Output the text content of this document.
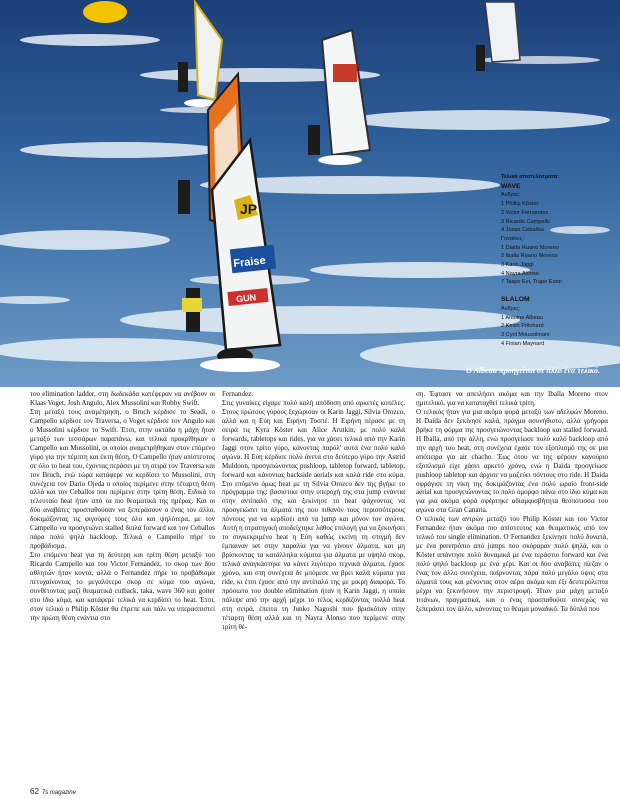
JP
Fraise
GUN
Τελικά αποτελέσματα:
WAVE
Άνδρες:
1 Phillip Köster
2 Victor Fernandez
3 Ricardo Campello
4 Jonas Ceballos
Γυναίκες:
1 Daida Ruano Moreno
2 Iballa Ruano Moreno
3 Karin Jaggi
4 Nayra Alonso
7 Taspe Evi, Trape Εισαι
SLALOM
Άνδρες:
1 Antoine Albeau
2 Kevin Pritchard
3 Cyril Moussilmani
4 Finian Maynard
O Albeau προηγείται σε άλλο ένα τελικό.

του elimination ladder, στη δωδεκάδα κατέφεραν να ανέβουν οι Klaas Voget, Josh Angulo, Alex Mussolini και Robby Swift.

Στη μεταξύ τους αναμέτρηση, ο Bruch κέρδισε το Seadi, ο Campello κέρδισε τον Traversa, ο Voget κέρδισε τον Angulo και ο Mussolini κέρδισε το Swift. Έτσι, στην οκτάδα η μάχη ήταν μεταξύ των τεσσάρων παραπάνω, και τελικά προκρίθηκαν ο Campello και Mussolini, οι οποίοι αναμετρήθηκαν στον επόμενο γύρο για την πέμπτη και έκτη θέση. Ο Campello ήταν απίστευτος σε όλο το heat του, έχοντας περάσει με τη σειρά τον Traversa και τον Bruch, ενώ τώρα κατάφερε να κερδίσει το Mussolini, στη συνέχεια τον Dario Ojeda ο οποίος περίμενε στην τέταρτη θέση αλλά και τον Ceballos που περίμενε στην τρίτη θέση. Ειδικά το τελευταίο heat ήταν από τα πιο θεαματικά της ημέρας. Και οι δύο αναβάτες προσπαθούσαν να ξεπεράσουν ο ένας τον άλλο, δοκιμάζοντας τις φιγούρες τους όλο και ψηλότερα, με τον Campello να προσγειώνει stalled διπλά forward και τον Ceballos πάρα πολύ ψηλά backloop. Τελικά ο Campello πήρε το προβάδισμα.

Στο επόμενο heat για τη δεύτερη και τρίτη θέση μεταξύ του Ricardo Campello και του Victor Fernandez, το σκορ των δύο αθλητών ήταν κοντά, αλλά ο Fernandez πήρε το προβάδισμα πετυχαίνοντας το μεγαλύτερο σκορ σε κύμα του αγώνα, συνθέτοντας μαζί θεαματικά cutback, taka, wave 360 και goiter στο ίδιο κύμα, και κατάφερε τελικά να κερδίσει το heat. Έτσι, στον τελικό ο Philip Köster θα έπρεπε και πάλι να υπερασπιστεί την πρώτη θέση ενάντια στο

Fernandez.

Στις γυναίκες είχαμε πολύ καλή απόδοση από αρκετές κοπέλες. Στους πρώτους γύρους ξεχώρισαν οι Karin Jaggi, Silvia Orozco, αλλά και η Εύη και Ειρήνη Τοσπέ. Η Ειρήνη πέρασε με τη σειρά τις Kyra Köster και Alice Arutkin, με πολύ καλά forwards, tabletops και rides, για να χάσει τελικά από την Karin Jaggi στον τρίτο γύρο, κάνοντας παρόλ' αυτά ένα πολύ καλό αγώνα. Η Εύη κέρδισε πολύ άνετα στο δεύτερο γύρο την Astrid Muldoon, προσγειώνοντας pushloop, tabletop forward, tabletop, forward και κάνοντας backside aerials και καλά ride στο κύμα. Στο επόμενο όμως heat με τη Silvia Orozco δεν της βγήκε το πρόγραμμα της: βασιστικε στην υπεροχή της στα jump ενάντια στην αντίπαλό της και ξεκίνησε το heat ψάχνοντας να προσγειώσει τα άλματά της που πιθανόν τους περισσότερους πόντους για να κερδίσει από τα jump και μόνον τον αγώνα. Αυτή η στρατηγική αποδείχτηκε λάθος επιλογή για να ξεκινήσει το συγκεκριμένο heat η Εύη καθώς εκείνη τη στιγμή δεν έμπαιναν set στην παραλία για να γίνουν άλματα, και μη βρίσκοντας τα κατάλληλα κύματα για άλματα με υψηλό σκορ, τελικά αναγκάστηκε να κάνει λιγότερο τεχνικά άλματα, έχασε χρόνο, και στη συνέχεια δε μπόρεσε να βρει καλά κύματα για ride, κι έτσι έχασε από την αντίπαλό της με μικρή διαφορά. Το πρόσωπο του double elimination ήταν η Karin Jaggi, η οποία πάλεψε από την αρχή μέχρι το τέλος κερδίζοντας πολλά heat στη σειρά, έπειτα τη Junko Nagoshi που βρισκόταν στην τέταρτη θέση αλλά και τη Nayra Alonso που περίμενε στην τρίτη θέ-

ση. Έφτασε να απειλήσει ακόμα και την Iballa Moreno στον ημιτελικό, για να καταταχθεί τελικά τρίτη.

Ο τελικός ήταν για μια ακόμα φορά μεταξύ των αδελφών Moreno. Η Daida δεν ξεκίνησε καλά, πράγμα ασυνήθιστο, αλλά γρήγορα βρήκε τη φόρμα της προσγειώνοντας backloop και stalled forward. Η Iballa, από την άλλη, ενώ προσγείωσε πολύ καλό backloop από την αρχή του heat, στη συνέχεια έχασε τον εξοπλισμό της σε μια απόπειρα για air chacho. Έως ότου να της φέρουν κανούριο εξοπλισμό είχε χάσει αρκετό χρόνο, ενώ η Daida προσγείωσε pushloop tabletop και άρχισε να μαζεύει πόντους στο ride. Η Daida σφράγισε τη νίκη της δοκιμάζοντας ένα πολύ ωραίο front-side aerial και προσγειώνοντας το πολύ όμορφο πάνω στο ίδιο κύμα και για μια ακόμα φορά σφέρτηκε αδιαμφισβήτητα θεοπότισσα του αγώνα στα Gran Canaria.

Ο τελικός των αντρών μεταξύ του Philip Köster και του Victor Fernandez ήταν ακόμα πιο απίστευτος και θεαματικός από τον τελικό του single elimination. Ο Fernandez ξεκίνησε πολύ δυνατά, με ένα pererpόπιο από jumps που σκόραραν πολύ ψηλά, και ο Köster απάντησε πολύ δυναμικά με ένα τεράστιο forward και ένα πολύ ψηλό backloop με ένα χέρι. Και οι δύο αναβάτες πίεζαν ο ένας τον άλλο συνέχεια, παίρνοντας πάρα πολύ μεγάλο ύψος στα άλματά τους και μένοντας στον αέρα ακόμα και έξι δευτερόλεπτα μέχρι να ξεκινήσουν την περιστροφή. Ήταν μια μάχη μεταξύ τιτάνων, πραγματικά, και ο ένας προσπαθούσε συνεχώς να ξεπεράσει τον άλλο, κάνοντας το θέαμα μοναδικό. Τα δύπλά που

62 7s magazine
